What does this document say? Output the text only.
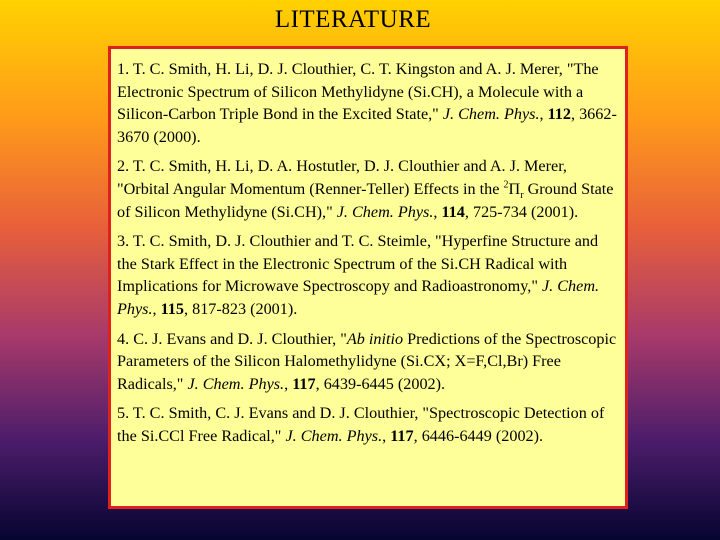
LITERATURE

1. T. C. Smith, H. Li, D. J. Clouthier, C. T. Kingston and A. J. Merer, "The Electronic Spectrum of Silicon Methylidyne (Si.CH), a Molecule with a Silicon-Carbon Triple Bond in the Excited State," J. Chem. Phys., 112, 3662-3670 (2000).

2. T. C. Smith, H. Li, D. A. Hostutler, D. J. Clouthier and A. J. Merer, "Orbital Angular Momentum (Renner-Teller) Effects in the $^2\Pi_r$ Ground State of Silicon Methylidyne (Si.CH)," J. Chem. Phys., 114, 725-734 (2001).

3. T. C. Smith, D. J. Clouthier and T. C. Steimle, "Hyperfine Structure and the Stark Effect in the Electronic Spectrum of the Si.CH Radical with Implications for Microwave Spectroscopy and Radioastronomy," J. Chem. Phys., 115, 817-823 (2001).

4. C. J. Evans and D. J. Clouthier, "Ab initio Predictions of the Spectroscopic Parameters of the Silicon Halomethylidyne (Si.CX; X=F,Cl,Br) Free Radicals," J. Chem. Phys., 117, 6439-6445 (2002).

5. T. C. Smith, C. J. Evans and D. J. Clouthier, "Spectroscopic Detection of the Si.CCl Free Radical," J. Chem. Phys., 117, 6446-6449 (2002).
